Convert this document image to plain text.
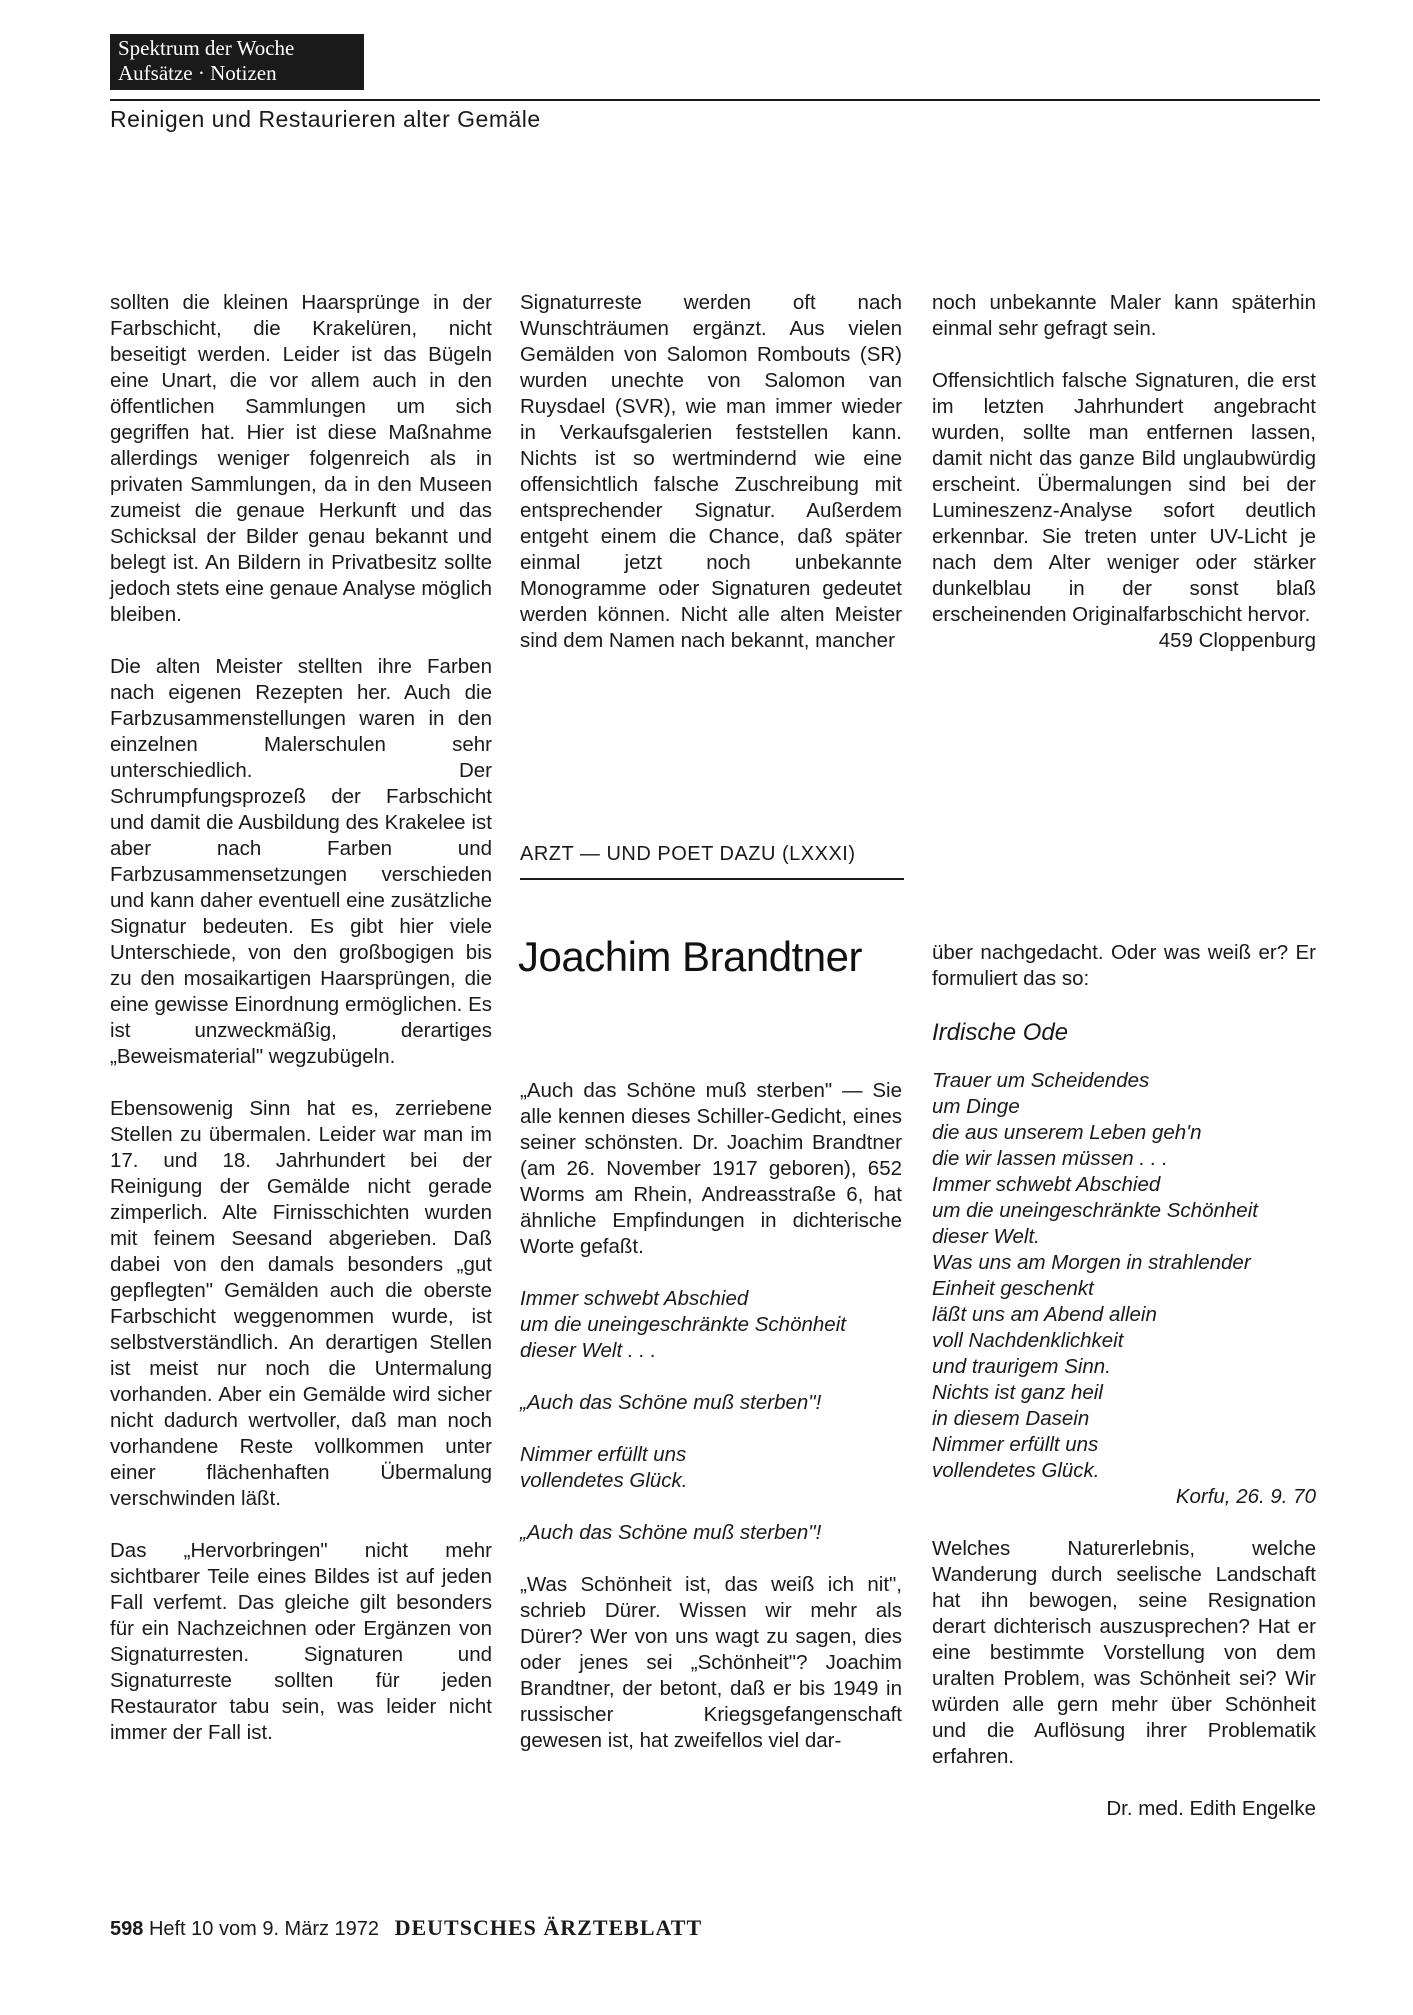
Spektrum der Woche
Aufsätze · Notizen
Reinigen und Restaurieren alter Gemäle

sollten die kleinen Haarsprünge in der Farbschicht, die Krakelüren, nicht beseitigt werden. Leider ist das Bügeln eine Unart, die vor allem auch in den öffentlichen Sammlungen um sich gegriffen hat. Hier ist diese Maßnahme allerdings weniger folgenreich als in privaten Sammlungen, da in den Museen zumeist die genaue Herkunft und das Schicksal der Bilder genau bekannt und belegt ist. An Bildern in Privatbesitz sollte jedoch stets eine genaue Analyse möglich bleiben.

Die alten Meister stellten ihre Farben nach eigenen Rezepten her. Auch die Farbzusammenstellungen waren in den einzelnen Malerschulen sehr unterschiedlich. Der Schrumpfungsprozeß der Farbschicht und damit die Ausbildung des Krakelee ist aber nach Farben und Farbzusammensetzungen verschieden und kann daher eventuell eine zusätzliche Signatur bedeuten. Es gibt hier viele Unterschiede, von den großbogigen bis zu den mosaikartigen Haarsprüngen, die eine gewisse Einordnung ermöglichen. Es ist unzweckmäßig, derartiges „Beweismaterial" wegzubügeln.

Ebensowenig Sinn hat es, zerriebene Stellen zu übermalen. Leider war man im 17. und 18. Jahrhundert bei der Reinigung der Gemälde nicht gerade zimperlich. Alte Firnisschichten wurden mit feinem Seesand abgerieben. Daß dabei von den damals besonders „gut gepflegten" Gemälden auch die oberste Farbschicht weggenommen wurde, ist selbstverständlich. An derartigen Stellen ist meist nur noch die Untermalung vorhanden. Aber ein Gemälde wird sicher nicht dadurch wertvoller, daß man noch vorhandene Reste vollkommen unter einer flächenhaften Übermalung verschwinden läßt.

Das „Hervorbringen" nicht mehr sichtbarer Teile eines Bildes ist auf jeden Fall verfemt. Das gleiche gilt besonders für ein Nachzeichnen oder Ergänzen von Signaturresten. Signaturen und Signaturreste sollten für jeden Restaurator tabu sein, was leider nicht immer der Fall ist.

Signaturreste werden oft nach Wunschträumen ergänzt. Aus vielen Gemälden von Salomon Rombouts (SR) wurden unechte von Salomon van Ruysdael (SVR), wie man immer wieder in Verkaufsgalerien feststellen kann. Nichts ist so wertmindernd wie eine offensichtlich falsche Zuschreibung mit entsprechender Signatur. Außerdem entgeht einem die Chance, daß später einmal jetzt noch unbekannte Monogramme oder Signaturen gedeutet werden können. Nicht alle alten Meister sind dem Namen nach bekannt, mancher

noch unbekannte Maler kann späterhin einmal sehr gefragt sein.

Offensichtlich falsche Signaturen, die erst im letzten Jahrhundert angebracht wurden, sollte man entfernen lassen, damit nicht das ganze Bild unglaubwürdig erscheint. Übermalungen sind bei der Lumineszenz-Analyse sofort deutlich erkennbar. Sie treten unter UV-Licht je nach dem Alter weniger oder stärker dunkelblau in der sonst blaß erscheinenden Originalfarbschicht hervor.

459 Cloppenburg
ARZT — UND POET DAZU (LXXXI)
Joachim Brandtner

„Auch das Schöne muß sterben" — Sie alle kennen dieses Schiller-Gedicht, eines seiner schönsten. Dr. Joachim Brandtner (am 26. November 1917 geboren), 652 Worms am Rhein, Andreasstraße 6, hat ähnliche Empfindungen in dichterische Worte gefaßt.

Immer schwebt Abschied
um die uneingeschränkte Schönheit
dieser Welt . . .

„Auch das Schöne muß sterben"!

Nimmer erfüllt uns
vollendetes Glück.

„Auch das Schöne muß sterben"!

„Was Schönheit ist, das weiß ich nit", schrieb Dürer. Wissen wir mehr als Dürer? Wer von uns wagt zu sagen, dies oder jenes sei „Schönheit"? Joachim Brandtner, der betont, daß er bis 1949 in russischer Kriegsgefangenschaft gewesen ist, hat zweifellos viel dar-

über nachgedacht. Oder was weiß er? Er formuliert das so:

Irdische Ode
Trauer um Scheidendes
um Dinge
die aus unserem Leben geh'n
die wir lassen müssen . . .
Immer schwebt Abschied
um die uneingeschränkte Schönheit
dieser Welt.
Was uns am Morgen in strahlender
Einheit geschenkt
läßt uns am Abend allein
voll Nachdenklichkeit
und traurigem Sinn.
Nichts ist ganz heil
in diesem Dasein
Nimmer erfüllt uns
vollendetes Glück.
Korfu, 26. 9. 70

Welches Naturerlebnis, welche Wanderung durch seelische Landschaft hat ihn bewogen, seine Resignation derart dichterisch auszusprechen? Hat er eine bestimmte Vorstellung von dem uralten Problem, was Schönheit sei? Wir würden alle gern mehr über Schönheit und die Auflösung ihrer Problematik erfahren.

Dr. med. Edith Engelke
598 Heft 10 vom 9. März 1972 DEUTSCHES ÄRZTEBLATT
